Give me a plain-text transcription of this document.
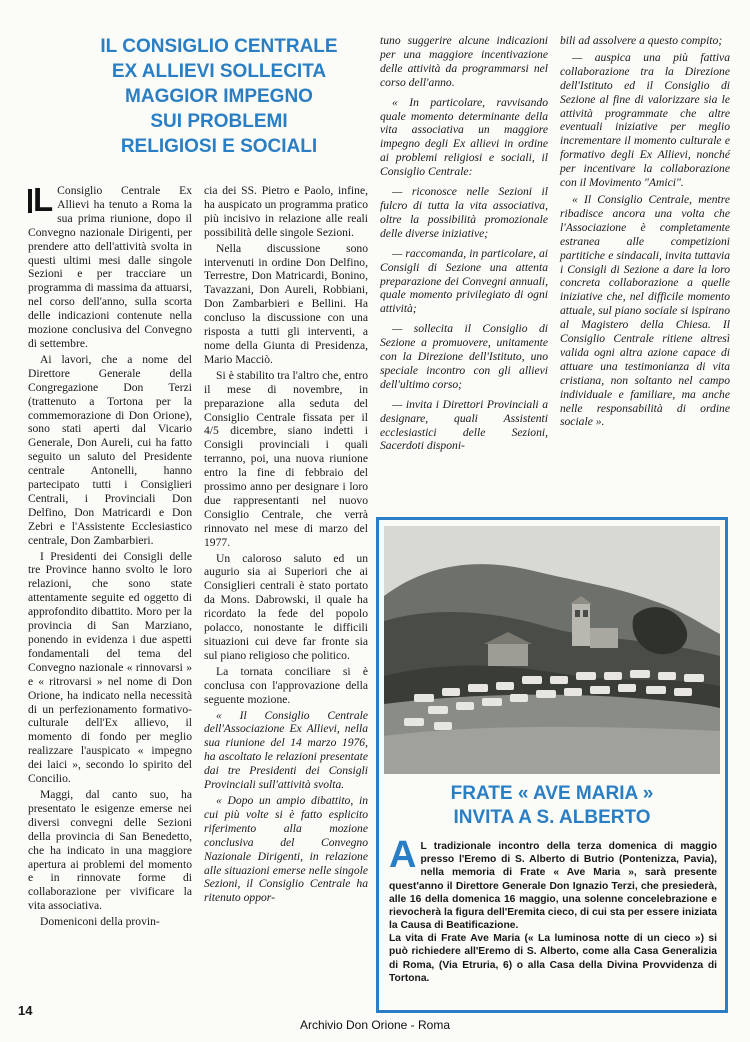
IL CONSIGLIO CENTRALE
EX ALLIEVI SOLLECITA
MAGGIOR IMPEGNO
SUI PROBLEMI
RELIGIOSI E SOCIALI

L Consiglio Centrale Ex Allievi ha tenuto a Roma la sua prima riunione, dopo il Convegno nazionale Dirigenti, per prendere atto dell'attività svolta in questi ultimi mesi dalle singole Sezioni e per tracciare un programma di massima da attuarsi, nel corso dell'anno, sulla scorta delle indicazioni contenute nella mozione conclusiva del Convegno di settembre.

Ai lavori, che a nome del Direttore Generale della Congregazione Don Terzi (trattenuto a Tortona per la commemorazione di Don Orione), sono stati aperti dal Vicario Generale, Don Aureli, cui ha fatto seguito un saluto del Presidente centrale Antonelli, hanno partecipato tutti i Consiglieri Centrali, i Provinciali Don Delfino, Don Matricardi e Don Zebri e l'Assistente Ecclesiastico centrale, Don Zambarbieri.

I Presidenti dei Consigli delle tre Province hanno svolto le loro relazioni, che sono state attentamente seguite ed oggetto di approfondito dibattito. Moro per la provincia di San Marziano, ponendo in evidenza i due aspetti fondamentali del tema del Convegno nazionale « rinnovarsi » e « ritrovarsi » nel nome di Don Orione, ha indicato nella necessità di un perfezionamento formativo-culturale dell'Ex allievo, il momento di fondo per meglio realizzare l'auspicato « impegno dei laici », secondo lo spirito del Concilio.

Maggi, dal canto suo, ha presentato le esigenze emerse nei diversi convegni delle Sezioni della provincia di San Benedetto, che ha indicato in una maggiore apertura ai problemi del momento e in rinnovate forme di collaborazione per vivificare la vita associativa.

Domeniconi della provin-

cia dei SS. Pietro e Paolo, infine, ha auspicato un programma pratico più incisivo in relazione alle reali possibilità delle singole Sezioni.

Nella discussione sono intervenuti in ordine Don Delfino, Terrestre, Don Matricardi, Bonino, Tavazzani, Don Aureli, Robbiani, Don Zambarbieri e Bellini. Ha concluso la discussione con una risposta a tutti gli interventi, a nome della Giunta di Presidenza, Mario Macciò.

Si è stabilito tra l'altro che, entro il mese di novembre, in preparazione alla seduta del Consiglio Centrale fissata per il 4/5 dicembre, siano indetti i Consigli provinciali i quali terranno, poi, una nuova riunione entro la fine di febbraio del prossimo anno per designare i loro due rappresentanti nel nuovo Consiglio Centrale, che verrà rinnovato nel mese di marzo del 1977.

Un caloroso saluto ed un augurio sia ai Superiori che ai Consiglieri centrali è stato portato da Mons. Dabrowski, il quale ha ricordato la fede del popolo polacco, nonostante le difficili situazioni cui deve far fronte sia sul piano religioso che politico.

La tornata conciliare si è conclusa con l'approvazione della seguente mozione.

« Il Consiglio Centrale dell'Associazione Ex Allievi, nella sua riunione del 14 marzo 1976, ha ascoltato le relazioni presentate dai tre Presidenti dei Consigli Provinciali sull'attività svolta.

« Dopo un ampio dibattito, in cui più volte si è fatto esplicito riferimento alla mozione conclusiva del Convegno Nazionale Dirigenti, in relazione alle situazioni emerse nelle singole Sezioni, il Consiglio Centrale ha ritenuto oppor-

tuno suggerire alcune indicazioni per una maggiore incentivazione delle attività da programmarsi nel corso dell'anno.

« In particolare, ravvisando quale momento determinante della vita associativa un maggiore impegno degli Ex allievi in ordine ai problemi religiosi e sociali, il Consiglio Centrale:

— riconosce nelle Sezioni il fulcro di tutta la vita associativa, oltre la possibilità promozionale delle diverse iniziative;

— raccomanda, in particolare, ai Consigli di Sezione una attenta preparazione dei Convegni annuali, quale momento privilegiato di ogni attività;

— sollecita il Consiglio di Sezione a promuovere, unitamente con la Direzione dell'Istituto, uno speciale incontro con gli allievi dell'ultimo corso;

— invita i Direttori Provinciali a designare, quali Assistenti ecclesiastici delle Sezioni, Sacerdoti disponi-

bili ad assolvere a questo compito;

— auspica una più fattiva collaborazione tra la Direzione dell'Istituto ed il Consiglio di Sezione al fine di valorizzare sia le attività programmate che altre eventuali iniziative per meglio incrementare il momento culturale e formativo degli Ex Allievi, nonché per incentivare la collaborazione con il Movimento "Amici".

« Il Consiglio Centrale, mentre ribadisce ancora una volta che l'Associazione è completamente estranea alle competizioni partitiche e sindacali, invita tuttavia i Consigli di Sezione a dare la loro concreta collaborazione a quelle iniziative che, nel difficile momento attuale, sul piano sociale si ispirano al Magistero della Chiesa. Il Consiglio Centrale ritiene altresì valida ogni altra azione capace di attuare una testimonianza di vita cristiana, non soltanto nel campo individuale e familiare, ma anche nelle responsabilità di ordine sociale ».

FRATE « AVE MARIA »
INVITA A S. ALBERTO

A L tradizionale incontro della terza domenica di maggio presso l'Eremo di S. Alberto di Butrio (Pontenizza, Pavia), nella memoria di Frate « Ave Maria », sarà presente quest'anno il Direttore Generale Don Ignazio Terzi, che presiederà, alle 16 della domenica 16 maggio, una solenne concelebrazione e rievocherà la figura dell'Eremita cieco, di cui sta per essere iniziata la Causa di Beatificazione.

La vita di Frate Ave Maria (« La luminosa notte di un cieco ») si può richiedere all'Eremo di S. Alberto, come alla Casa Generalizia di Roma, (Via Etruria, 6) o alla Casa della Divina Provvidenza di Tortona.

14
Archivio Don Orione - Roma
